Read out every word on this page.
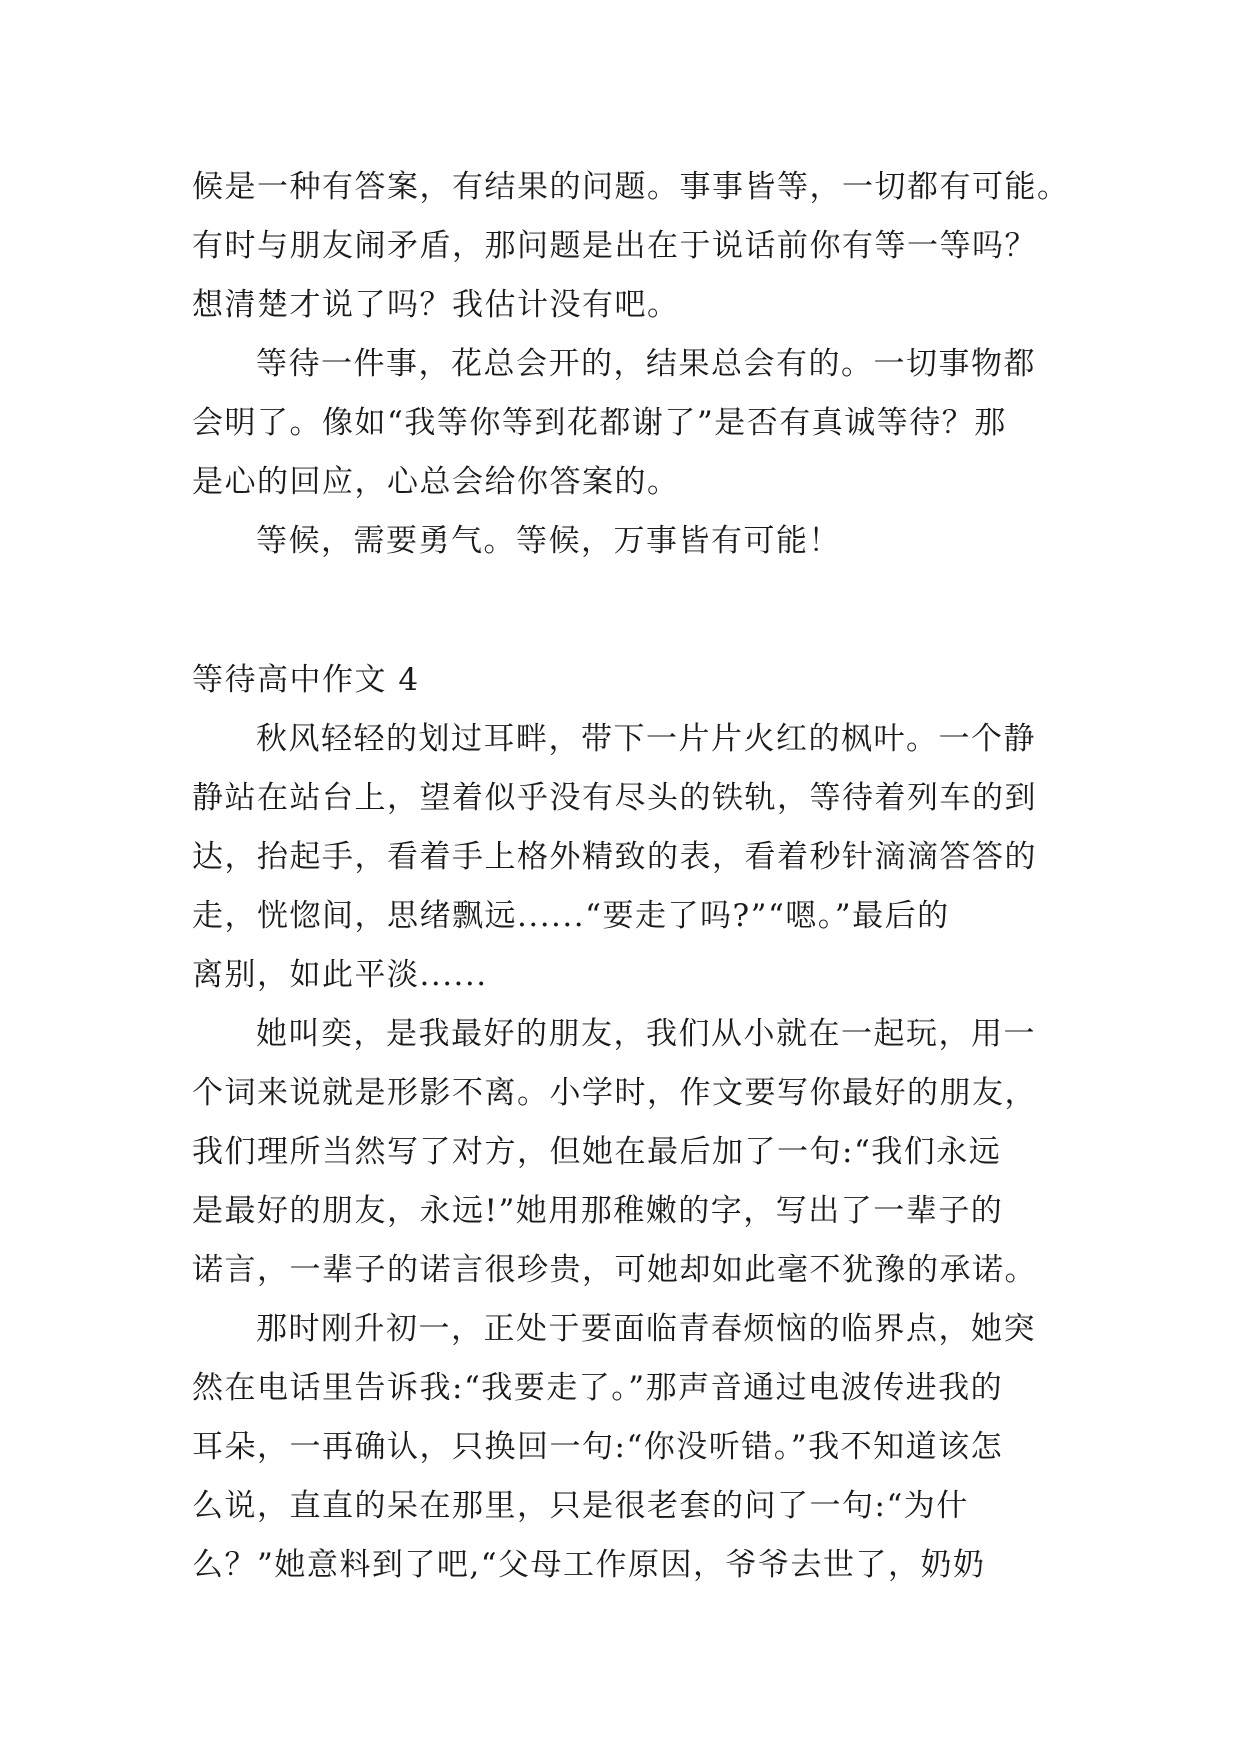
候是一种有答案，有结果的问题。事事皆等，一切都有可能。
有时与朋友闹矛盾，那问题是出在于说话前你有等一等吗？
想清楚才说了吗？我估计没有吧。
等待一件事，花总会开的，结果总会有的。一切事物都
会明了。像如“我等你等到花都谢了”是否有真诚等待？那
是心的回应，心总会给你答案的。
等候，需要勇气。等候，万事皆有可能！
等待高中作文 4
秋风轻轻的划过耳畔，带下一片片火红的枫叶。一个静
静站在站台上，望着似乎没有尽头的铁轨，等待着列车的到
达，抬起手，看着手上格外精致的表，看着秒针滴滴答答的
走，恍惚间，思绪飘远......“要走了吗?”“嗯。”最后的
离别，如此平淡......
她叫奕，是我最好的朋友，我们从小就在一起玩，用一
个词来说就是形影不离。小学时，作文要写你最好的朋友，
我们理所当然写了对方，但她在最后加了一句:“我们永远
是最好的朋友，永远!”她用那稚嫩的字，写出了一辈子的
诺言，一辈子的诺言很珍贵，可她却如此毫不犹豫的承诺。
那时刚升初一，正处于要面临青春烦恼的临界点，她突
然在电话里告诉我:“我要走了。”那声音通过电波传进我的
耳朵，一再确认，只换回一句:“你没听错。”我不知道该怎
么说，直直的呆在那里，只是很老套的问了一句:“为什
么？”她意料到了吧,“父母工作原因，爷爷去世了，奶奶
